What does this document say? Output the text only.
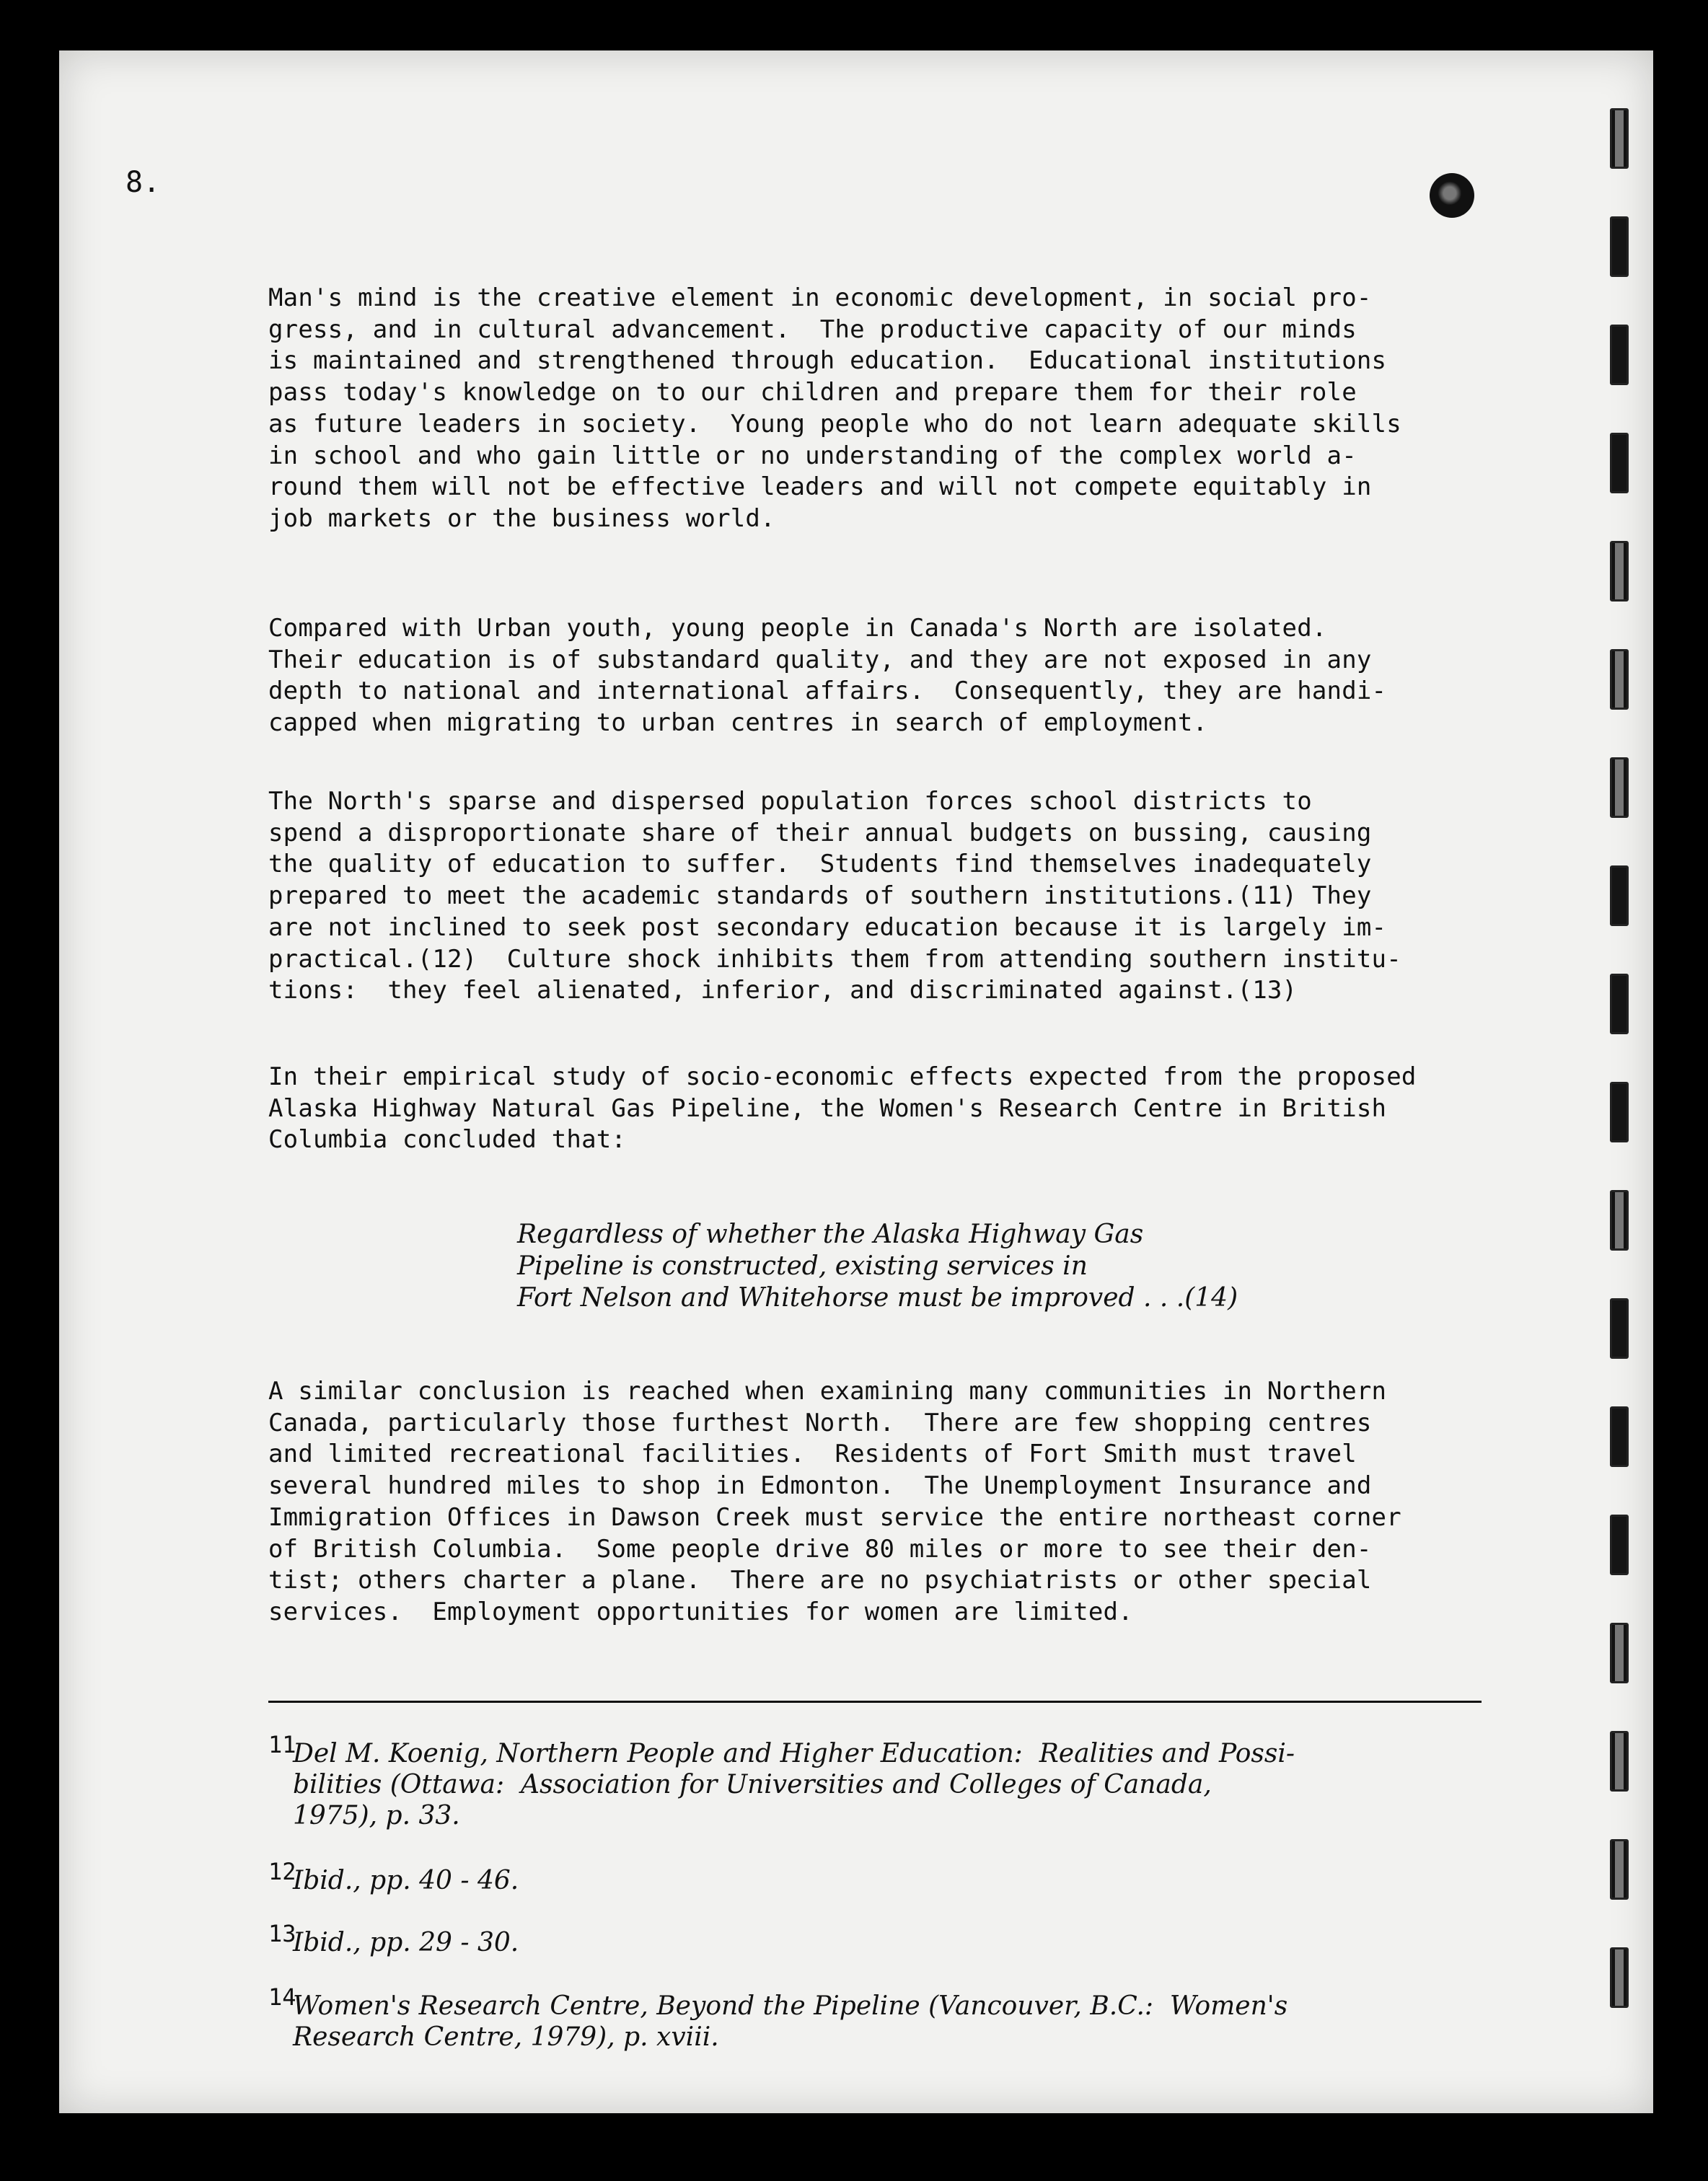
8.

Man's mind is the creative element in economic development, in social pro-
gress, and in cultural advancement.  The productive capacity of our minds
is maintained and strengthened through education.  Educational institutions
pass today's knowledge on to our children and prepare them for their role
as future leaders in society.  Young people who do not learn adequate skills
in school and who gain little or no understanding of the complex world a-
round them will not be effective leaders and will not compete equitably in
job markets or the business world.

Compared with Urban youth, young people in Canada's North are isolated.
Their education is of substandard quality, and they are not exposed in any
depth to national and international affairs.  Consequently, they are handi-
capped when migrating to urban centres in search of employment.

The North's sparse and dispersed population forces school districts to
spend a disproportionate share of their annual budgets on bussing, causing
the quality of education to suffer.  Students find themselves inadequately
prepared to meet the academic standards of southern institutions.(11) They
are not inclined to seek post secondary education because it is largely im-
practical.(12)  Culture shock inhibits them from attending southern institu-
tions:  they feel alienated, inferior, and discriminated against.(13)

In their empirical study of socio-economic effects expected from the proposed
Alaska Highway Natural Gas Pipeline, the Women's Research Centre in British
Columbia concluded that:

Regardless of whether the Alaska Highway Gas
Pipeline is constructed, existing services in
Fort Nelson and Whitehorse must be improved . . .(14)

A similar conclusion is reached when examining many communities in Northern
Canada, particularly those furthest North.  There are few shopping centres
and limited recreational facilities.  Residents of Fort Smith must travel
several hundred miles to shop in Edmonton.  The Unemployment Insurance and
Immigration Offices in Dawson Creek must service the entire northeast corner
of British Columbia.  Some people drive 80 miles or more to see their den-
tist; others charter a plane.  There are no psychiatrists or other special
services.  Employment opportunities for women are limited.

11
Del M. Koenig, Northern People and Higher Education:  Realities and Possi-
bilities (Ottawa:  Association for Universities and Colleges of Canada,
1975), p. 33.
12
Ibid., pp. 40 - 46.
13
Ibid., pp. 29 - 30.
14
Women's Research Centre, Beyond the Pipeline (Vancouver, B.C.:  Women's
Research Centre, 1979), p. xviii.
